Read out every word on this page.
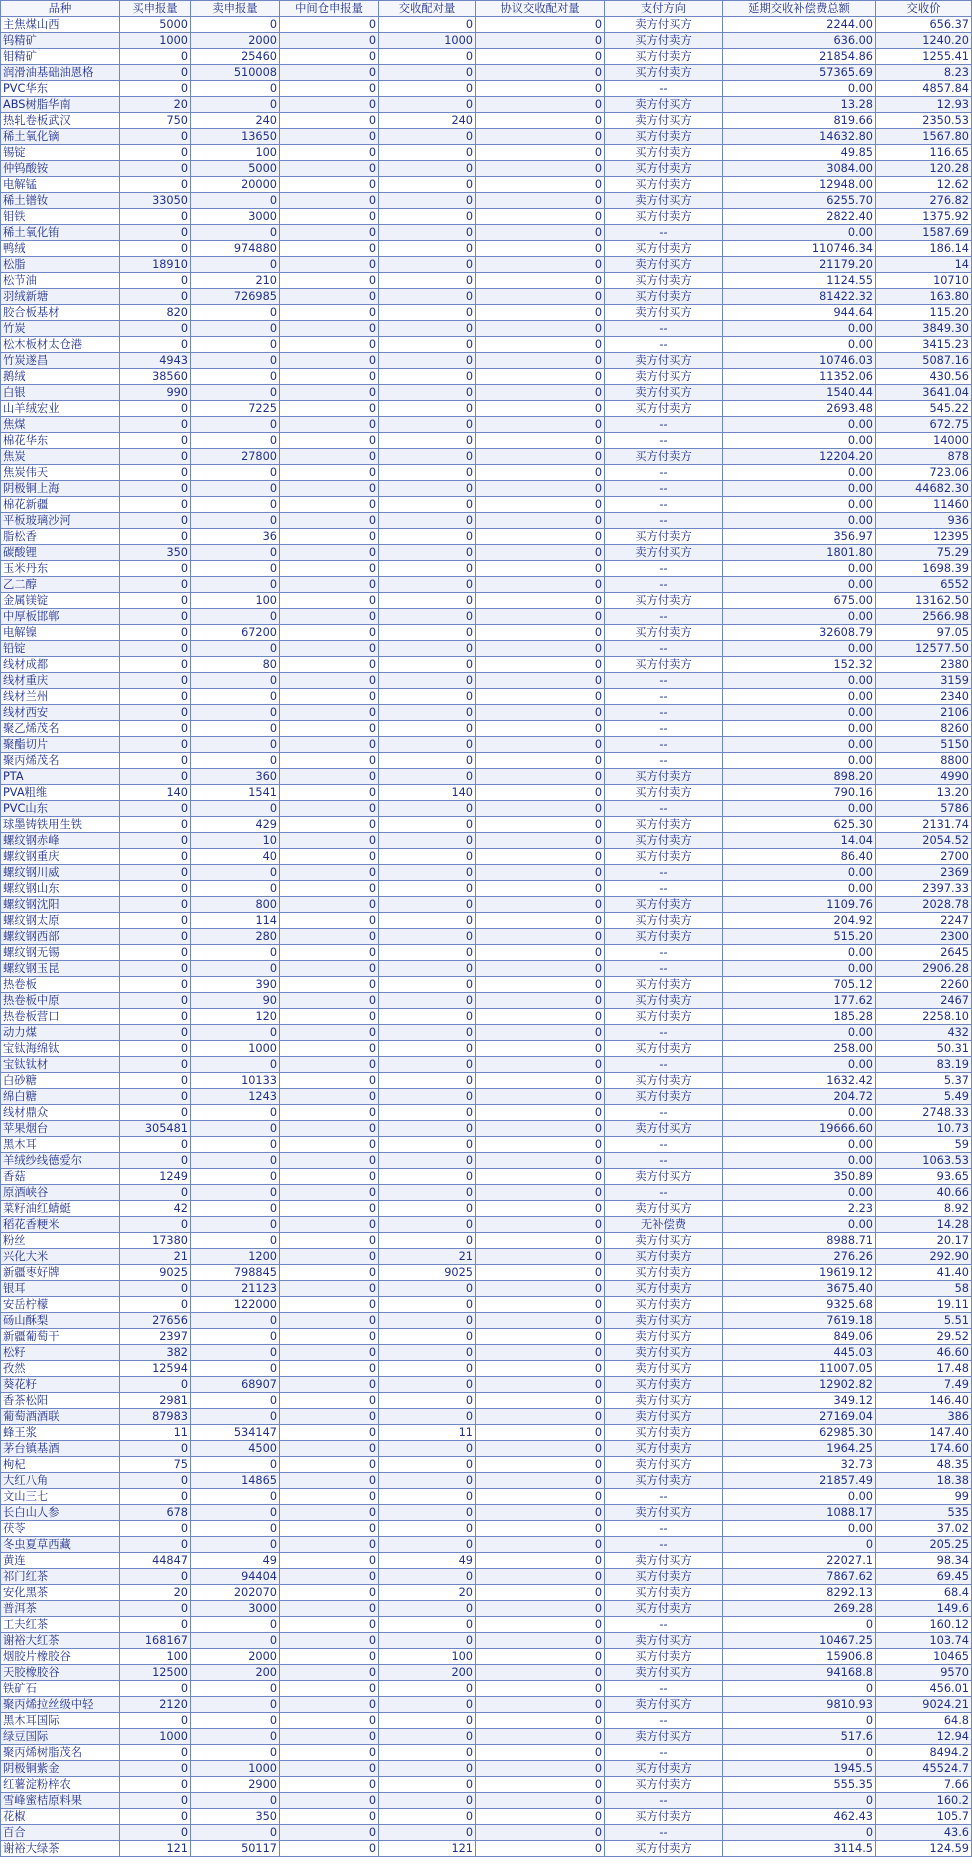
品种	买申报量	卖申报量	中间仓申报量	交收配对量	协议交收配对量	支付方向	延期交收补偿费总额	交收价
主焦煤山西	5000	0	0	0	0	卖方付买方	2244.00	656.37
钨精矿	1000	2000	0	1000	0	买方付卖方	636.00	1240.20
钼精矿	0	25460	0	0	0	买方付卖方	21854.86	1255.41
润滑油基础油恩格	0	510008	0	0	0	买方付卖方	57365.69	8.23
PVC华东	0	0	0	0	0	--	0.00	4857.84
ABS树脂华南	20	0	0	0	0	卖方付买方	13.28	12.93
热轧卷板武汉	750	240	0	240	0	卖方付买方	819.66	2350.53
稀土氧化镝	0	13650	0	0	0	买方付卖方	14632.80	1567.80
锡锭	0	100	0	0	0	买方付卖方	49.85	116.65
仲钨酸铵	0	5000	0	0	0	买方付卖方	3084.00	120.28
电解锰	0	20000	0	0	0	买方付卖方	12948.00	12.62
稀土镨钕	33050	0	0	0	0	卖方付买方	6255.70	276.82
钼铁	0	3000	0	0	0	买方付卖方	2822.40	1375.92
稀土氧化铕	0	0	0	0	0	--	0.00	1587.69
鸭绒	0	974880	0	0	0	买方付卖方	110746.34	186.14
松脂	18910	0	0	0	0	卖方付买方	21179.20	14
松节油	0	210	0	0	0	买方付卖方	1124.55	10710
羽绒新塘	0	726985	0	0	0	买方付卖方	81422.32	163.80
胶合板基材	820	0	0	0	0	卖方付买方	944.64	115.20
竹炭	0	0	0	0	0	--	0.00	3849.30
松木板材太仓港	0	0	0	0	0	--	0.00	3415.23
竹炭遂昌	4943	0	0	0	0	卖方付买方	10746.03	5087.16
鹅绒	38560	0	0	0	0	卖方付买方	11352.06	430.56
白银	990	0	0	0	0	卖方付买方	1540.44	3641.04
山羊绒宏业	0	7225	0	0	0	买方付卖方	2693.48	545.22
焦煤	0	0	0	0	0	--	0.00	672.75
棉花华东	0	0	0	0	0	--	0.00	14000
焦炭	0	27800	0	0	0	买方付卖方	12204.20	878
焦炭伟天	0	0	0	0	0	--	0.00	723.06
阴极铜上海	0	0	0	0	0	--	0.00	44682.30
棉花新疆	0	0	0	0	0	--	0.00	11460
平板玻璃沙河	0	0	0	0	0	--	0.00	936
脂松香	0	36	0	0	0	买方付卖方	356.97	12395
碳酸锂	350	0	0	0	0	卖方付买方	1801.80	75.29
玉米丹东	0	0	0	0	0	--	0.00	1698.39
乙二醇	0	0	0	0	0	--	0.00	6552
金属镁锭	0	100	0	0	0	买方付卖方	675.00	13162.50
中厚板邯郸	0	0	0	0	0	--	0.00	2566.98
电解镍	0	67200	0	0	0	买方付卖方	32608.79	97.05
铅锭	0	0	0	0	0	--	0.00	12577.50
线材成都	0	80	0	0	0	买方付卖方	152.32	2380
线材重庆	0	0	0	0	0	--	0.00	3159
线材兰州	0	0	0	0	0	--	0.00	2340
线材西安	0	0	0	0	0	--	0.00	2106
聚乙烯茂名	0	0	0	0	0	--	0.00	8260
聚酯切片	0	0	0	0	0	--	0.00	5150
聚丙烯茂名	0	0	0	0	0	--	0.00	8800
PTA	0	360	0	0	0	买方付卖方	898.20	4990
PVA粗维	140	1541	0	140	0	买方付卖方	790.16	13.20
PVC山东	0	0	0	0	0	--	0.00	5786
球墨铸铁用生铁	0	429	0	0	0	买方付卖方	625.30	2131.74
螺纹钢赤峰	0	10	0	0	0	买方付卖方	14.04	2054.52
螺纹钢重庆	0	40	0	0	0	买方付卖方	86.40	2700
螺纹钢川威	0	0	0	0	0	--	0.00	2369
螺纹钢山东	0	0	0	0	0	--	0.00	2397.33
螺纹钢沈阳	0	800	0	0	0	买方付卖方	1109.76	2028.78
螺纹钢太原	0	114	0	0	0	买方付卖方	204.92	2247
螺纹钢西部	0	280	0	0	0	买方付卖方	515.20	2300
螺纹钢无锡	0	0	0	0	0	--	0.00	2645
螺纹钢玉昆	0	0	0	0	0	--	0.00	2906.28
热卷板	0	390	0	0	0	买方付卖方	705.12	2260
热卷板中原	0	90	0	0	0	买方付卖方	177.62	2467
热卷板营口	0	120	0	0	0	买方付卖方	185.28	2258.10
动力煤	0	0	0	0	0	--	0.00	432
宝钛海绵钛	0	1000	0	0	0	买方付卖方	258.00	50.31
宝钛钛材	0	0	0	0	0	--	0.00	83.19
白砂糖	0	10133	0	0	0	买方付卖方	1632.42	5.37
绵白糖	0	1243	0	0	0	买方付卖方	204.72	5.49
线材鼎众	0	0	0	0	0	--	0.00	2748.33
苹果烟台	305481	0	0	0	0	卖方付买方	19666.60	10.73
黑木耳	0	0	0	0	0	--	0.00	59
羊绒纱线德爱尔	0	0	0	0	0	--	0.00	1063.53
香菇	1249	0	0	0	0	卖方付买方	350.89	93.65
原酒峡谷	0	0	0	0	0	--	0.00	40.66
菜籽油红蜻蜓	42	0	0	0	0	卖方付买方	2.23	8.92
稻花香粳米	0	0	0	0	0	无补偿费	0.00	14.28
粉丝	17380	0	0	0	0	卖方付买方	8988.71	20.17
兴化大米	21	1200	0	21	0	买方付卖方	276.26	292.90
新疆枣好牌	9025	798845	0	9025	0	买方付卖方	19619.12	41.40
银耳	0	21123	0	0	0	买方付卖方	3675.40	58
安岳柠檬	0	122000	0	0	0	买方付卖方	9325.68	19.11
砀山酥梨	27656	0	0	0	0	卖方付买方	7619.18	5.51
新疆葡萄干	2397	0	0	0	0	卖方付买方	849.06	29.52
松籽	382	0	0	0	0	卖方付买方	445.03	46.60
孜然	12594	0	0	0	0	卖方付买方	11007.05	17.48
葵花籽	0	68907	0	0	0	买方付卖方	12902.82	7.49
香茶松阳	2981	0	0	0	0	卖方付买方	349.12	146.40
葡萄酒酒联	87983	0	0	0	0	卖方付买方	27169.04	386
蜂王浆	11	534147	0	11	0	买方付卖方	62985.30	147.40
茅台镇基酒	0	4500	0	0	0	买方付卖方	1964.25	174.60
枸杞	75	0	0	0	0	卖方付买方	32.73	48.35
大红八角	0	14865	0	0	0	买方付卖方	21857.49	18.38
文山三七	0	0	0	0	0	--	0.00	99
长白山人参	678	0	0	0	0	卖方付买方	1088.17	535
茯苓	0	0	0	0	0	--	0.00	37.02
冬虫夏草西藏	0	0	0	0	0	--	0	205.25
黄连	44847	49	0	49	0	卖方付买方	22027.1	98.34
祁门红茶	0	94404	0	0	0	买方付卖方	7867.62	69.45
安化黑茶	20	202070	0	20	0	买方付卖方	8292.13	68.4
普洱茶	0	3000	0	0	0	买方付卖方	269.28	149.6
工夫红茶	0	0	0	0	0	--	0	160.12
谢裕大红茶	168167	0	0	0	0	卖方付买方	10467.25	103.74
烟胶片橡胶谷	100	2000	0	100	0	买方付卖方	15906.8	10465
天胶橡胶谷	12500	200	0	200	0	卖方付买方	94168.8	9570
铁矿石	0	0	0	0	0	--	0	456.01
聚丙烯拉丝级中轻	2120	0	0	0	0	卖方付买方	9810.93	9024.21
黑木耳国际	0	0	0	0	0	--	0	64.8
绿豆国际	1000	0	0	0	0	卖方付买方	517.6	12.94
聚丙烯树脂茂名	0	0	0	0	0	--	0	8494.2
阴极铜紫金	0	1000	0	0	0	买方付卖方	1945.5	45524.7
红薯淀粉梓农	0	2900	0	0	0	买方付卖方	555.35	7.66
雪峰蜜桔原料果	0	0	0	0	0	--	0	160.2
花椒	0	350	0	0	0	买方付卖方	462.43	105.7
百合	0	0	0	0	0	--	0	43.6
谢裕大绿茶	121	50117	0	121	0	买方付卖方	3114.5	124.59
